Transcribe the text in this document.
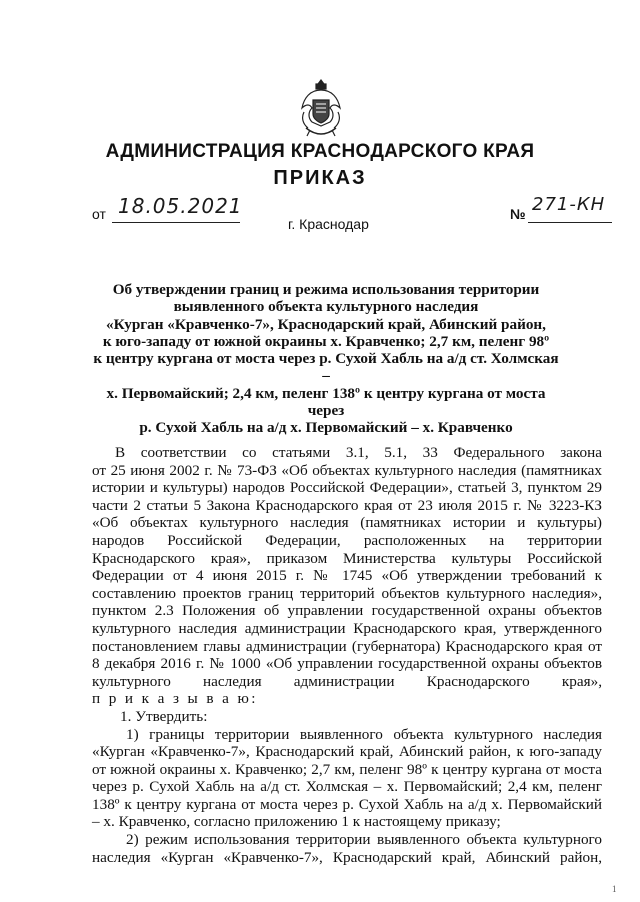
АДМИНИСТРАЦИЯ КРАСНОДАРСКОГО КРАЯ
ПРИКАЗ
от 18.05.2021
г. Краснодар
№ 271-КН
Об утверждении границ и режима использования территории
выявленного объекта культурного наследия
«Курган «Кравченко-7», Краснодарский край, Абинский район,
к юго-западу от южной окраины х. Кравченко; 2,7 км, пеленг 98º
к центру кургана от моста через р. Сухой Хабль на а/д ст. Холмская –
х. Первомайский; 2,4 км, пеленг 138º к центру кургана от моста через
р. Сухой Хабль на а/д х. Первомайский – х. Кравченко
В соответствии со статьями 3.1, 5.1, 33 Федерального закона
от 25 июня 2002 г. № 73-ФЗ «Об объектах культурного наследия (памятниках
истории и культуры) народов Российской Федерации», статьей 3, пунктом 29
части 2 статьи 5 Закона Краснодарского края от 23 июля 2015 г. № 3223-КЗ
«Об объектах культурного наследия (памятниках истории и культуры)
народов Российской Федерации, расположенных на территории
Краснодарского края», приказом Министерства культуры Российской
Федерации от 4 июня 2015 г. № 1745 «Об утверждении требований к
составлению проектов границ территорий объектов культурного наследия»,
пунктом 2.3 Положения об управлении государственной охраны объектов
культурного наследия администрации Краснодарского края, утвержденного
постановлением главы администрации (губернатора) Краснодарского края от
8 декабря 2016 г. № 1000 «Об управлении государственной охраны объектов
культурного наследия администрации Краснодарского края»,
п р и к а з ы в а ю:
1. Утвердить:
1) границы территории выявленного объекта культурного наследия
«Курган «Кравченко-7», Краснодарский край, Абинский район, к юго-западу
от южной окраины х. Кравченко; 2,7 км, пеленг 98º к центру кургана от моста
через р. Сухой Хабль на а/д ст. Холмская – х. Первомайский; 2,4 км, пеленг
138º к центру кургана от моста через р. Сухой Хабль на а/д х. Первомайский
– х. Кравченко, согласно приложению 1 к настоящему приказу;
2) режим использования территории выявленного объекта культурного
наследия «Курган «Кравченко-7», Краснодарский край, Абинский район,
1
